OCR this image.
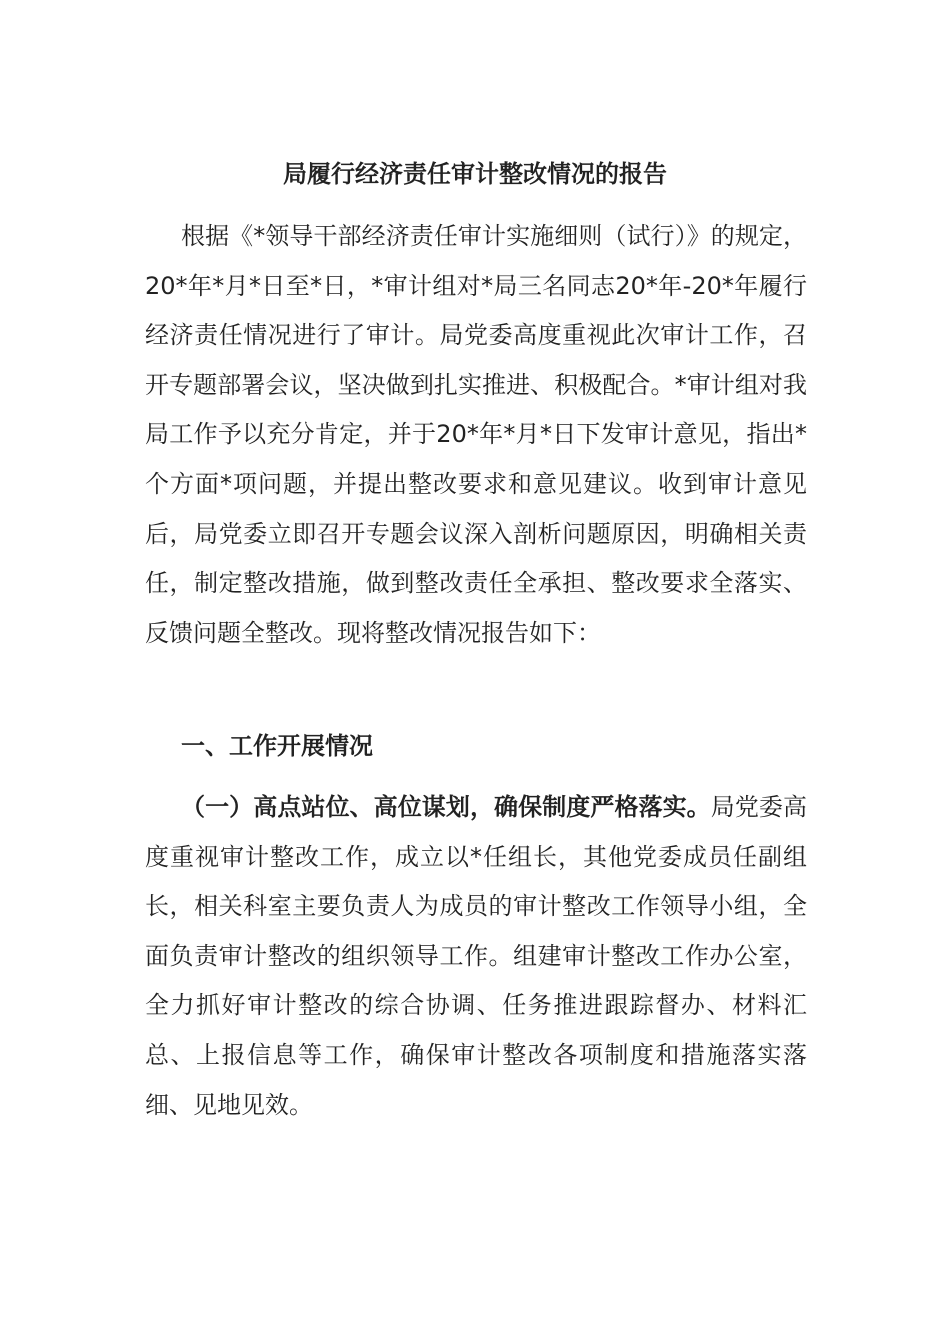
局履行经济责任审计整改情况的报告

根据《*领导干部经济责任审计实施细则（试行）》的规定，20*年*月*日至*日，*审计组对*局三名同志20*年-20*年履行经济责任情况进行了审计。局党委高度重视此次审计工作，召开专题部署会议，坚决做到扎实推进、积极配合。*审计组对我局工作予以充分肯定，并于20*年*月*日下发审计意见，指出*个方面*项问题，并提出整改要求和意见建议。收到审计意见后，局党委立即召开专题会议深入剖析问题原因，明确相关责任，制定整改措施，做到整改责任全承担、整改要求全落实、反馈问题全整改。现将整改情况报告如下：

一、工作开展情况

（一）高点站位、高位谋划，确保制度严格落实。局党委高度重视审计整改工作，成立以*任组长，其他党委成员任副组长，相关科室主要负责人为成员的审计整改工作领导小组，全面负责审计整改的组织领导工作。组建审计整改工作办公室，全力抓好审计整改的综合协调、任务推进跟踪督办、材料汇总、上报信息等工作，确保审计整改各项制度和措施落实落细、见地见效。
